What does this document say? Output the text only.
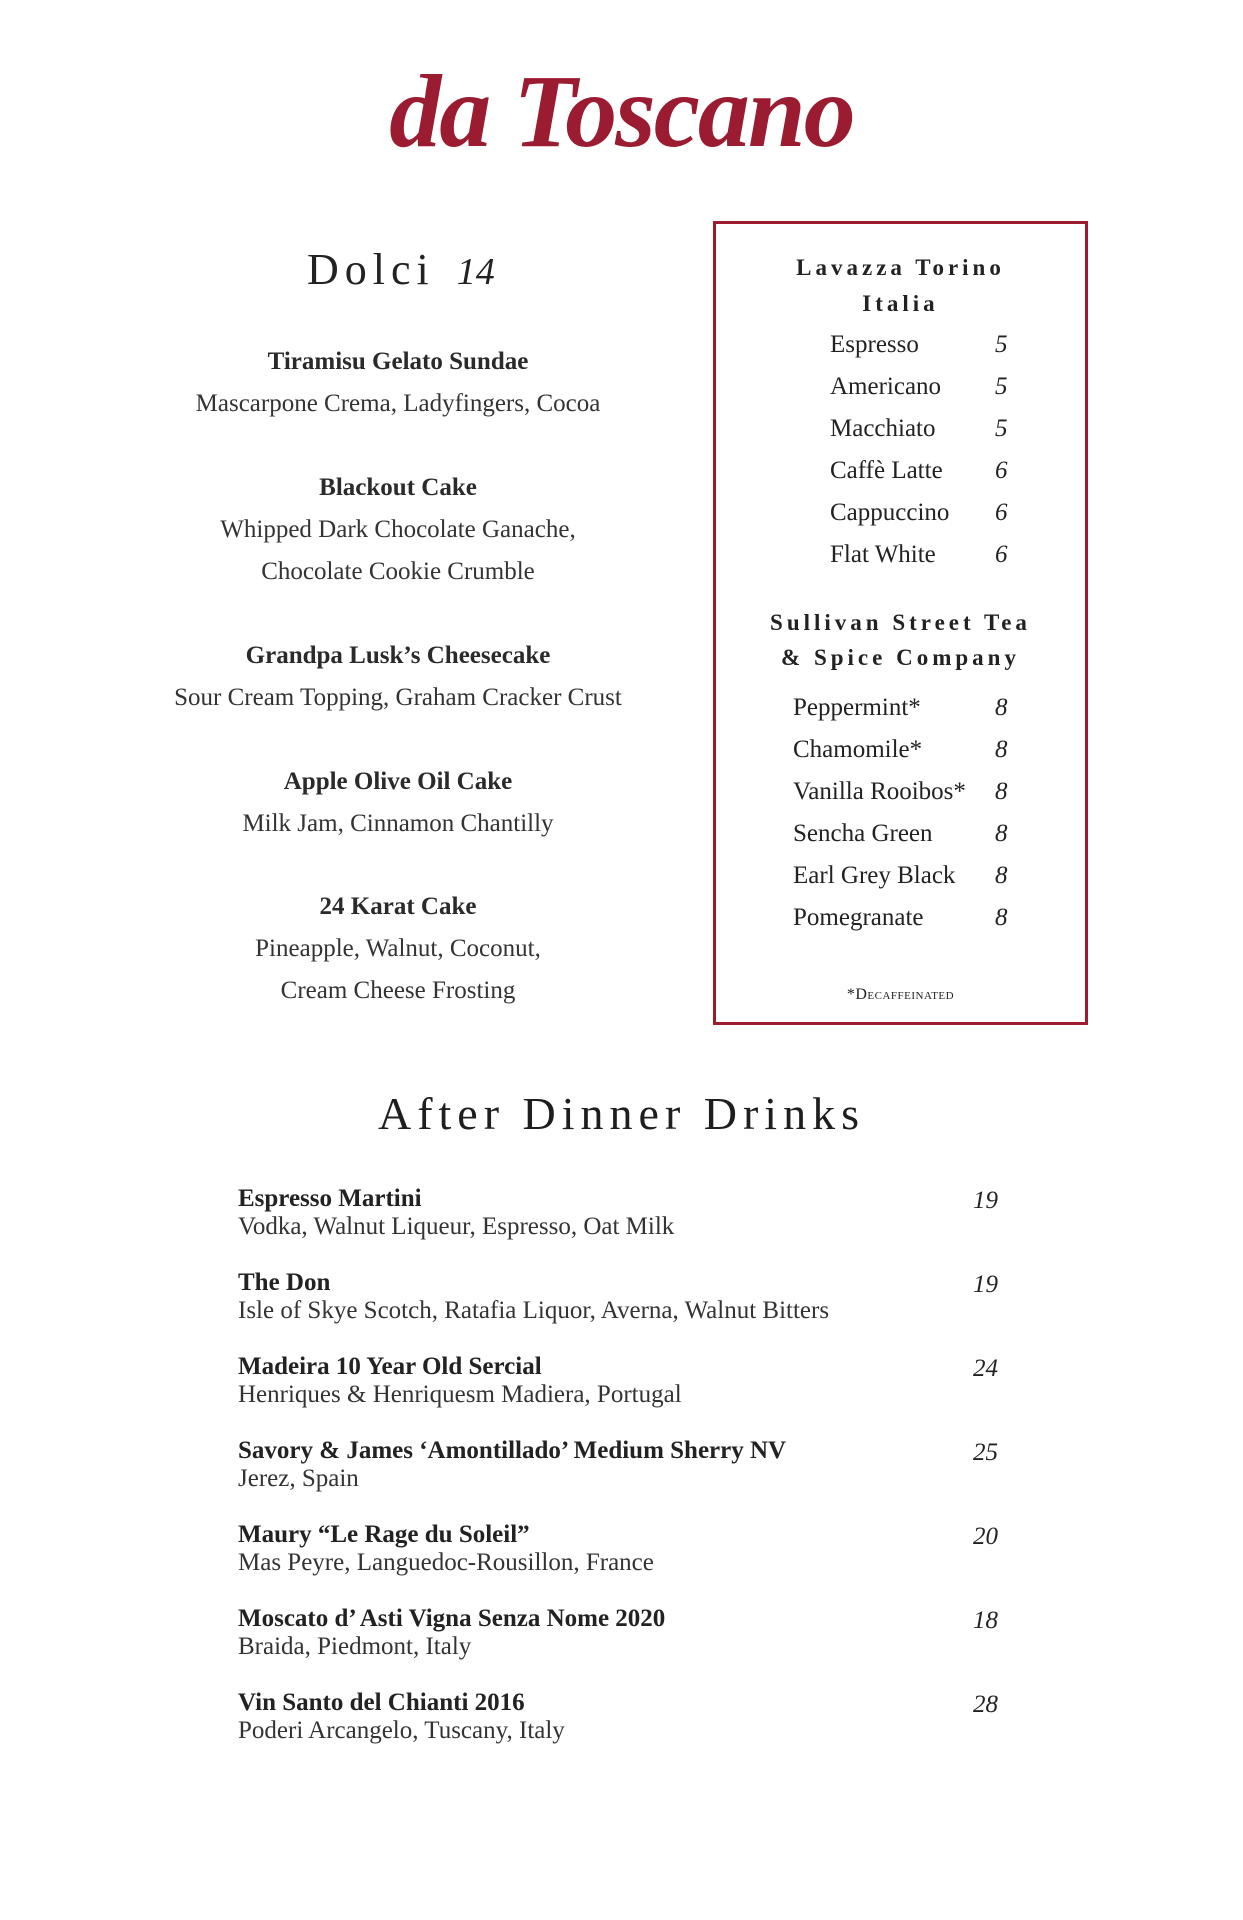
da Toscano
Dolci 14
Tiramisu Gelato Sundae
Mascarpone Crema, Ladyfingers, Cocoa
Blackout Cake
Whipped Dark Chocolate Ganache,
Chocolate Cookie Crumble
Grandpa Lusk’s Cheesecake
Sour Cream Topping, Graham Cracker Crust
Apple Olive Oil Cake
Milk Jam, Cinnamon Chantilly
24 Karat Cake
Pineapple, Walnut, Coconut,
Cream Cheese Frosting
Lavazza Torino
Italia
Espresso	5
Americano 5
Macchiato 5
Caffè Latte 6
Cappuccino 6
Flat White 6
Sullivan Street Tea
& Spice Company
Peppermint*	8
Chamomile*	8
Vanilla Rooibos* 8
Sencha Green 8
Earl Grey Black 8
Pomegranate	8
*Decaffeinated
After Dinner Drinks
Espresso Martini
Vodka, Walnut Liqueur, Espresso, Oat Milk
19
The Don
Isle of Skye Scotch, Ratafia Liquor, Averna, Walnut Bitters
19
Madeira 10 Year Old Sercial
Henriques & Henriquesm Madiera, Portugal
24
Savory & James ‘Amontillado’ Medium Sherry NV
Jerez, Spain
25
Maury “Le Rage du Soleil”
Mas Peyre, Languedoc-Rousillon, France
20
Moscato d’ Asti Vigna Senza Nome 2020
Braida, Piedmont, Italy
18
Vin Santo del Chianti 2016
Poderi Arcangelo, Tuscany, Italy
28
